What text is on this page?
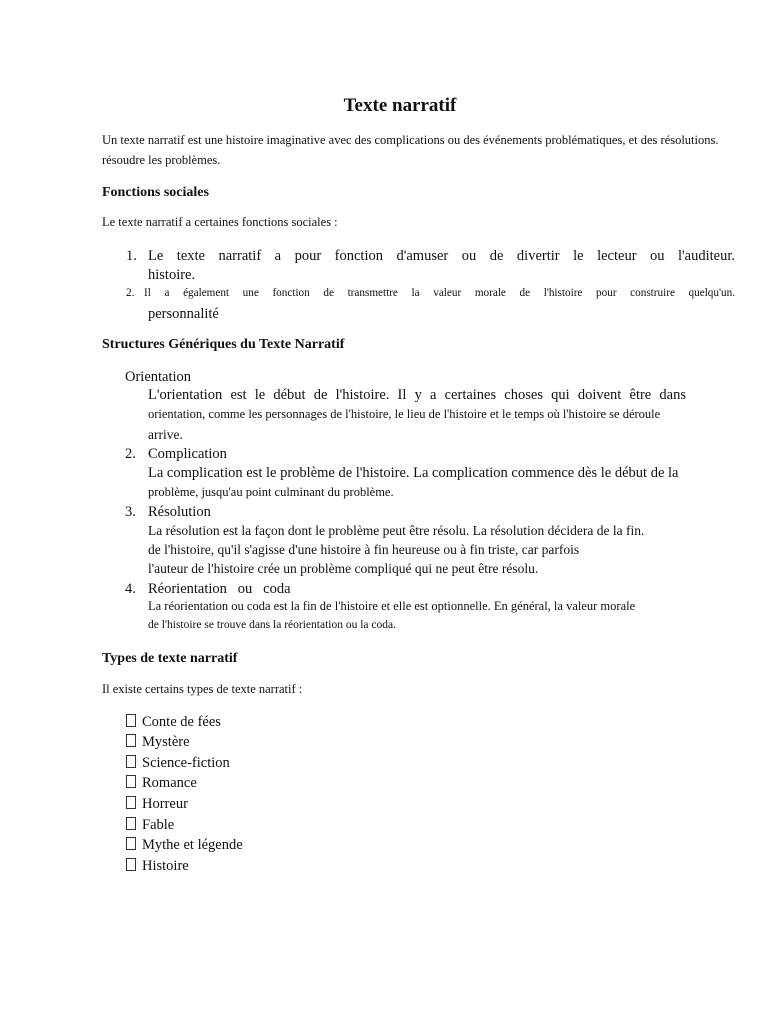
Texte narratif
Un texte narratif est une histoire imaginative avec des complications ou des événements problématiques, et des résolutions.
résoudre les problèmes.
Fonctions sociales
Le texte narratif a certaines fonctions sociales :
1. Le texte narratif a pour fonction d'amuser ou de divertir le lecteur ou l'auditeur.
histoire.
2. Il a également une fonction de transmettre la valeur morale de l'histoire pour construire quelqu'un.
personnalité
Structures Génériques du Texte Narratif
Orientation
L'orientation est le début de l'histoire. Il y a certaines choses qui doivent être dans
orientation, comme les personnages de l'histoire, le lieu de l'histoire et le temps où l'histoire se déroule
arrive.
2. Complication
La complication est le problème de l'histoire. La complication commence dès le début de la
problème, jusqu'au point culminant du problème.
3. Résolution
La résolution est la façon dont le problème peut être résolu. La résolution décidera de la fin.
de l'histoire, qu'il s'agisse d'une histoire à fin heureuse ou à fin triste, car parfois
l'auteur de l'histoire crée un problème compliqué qui ne peut être résolu.
4. Réorientation   ou   coda
La réorientation ou coda est la fin de l'histoire et elle est optionnelle. En général, la valeur morale
de l'histoire se trouve dans la réorientation ou la coda.
Types de texte narratif
Il existe certains types de texte narratif :
Conte de fées
Mystère
Science-fiction
Romance
Horreur
Fable
Mythe et légende
Histoire
